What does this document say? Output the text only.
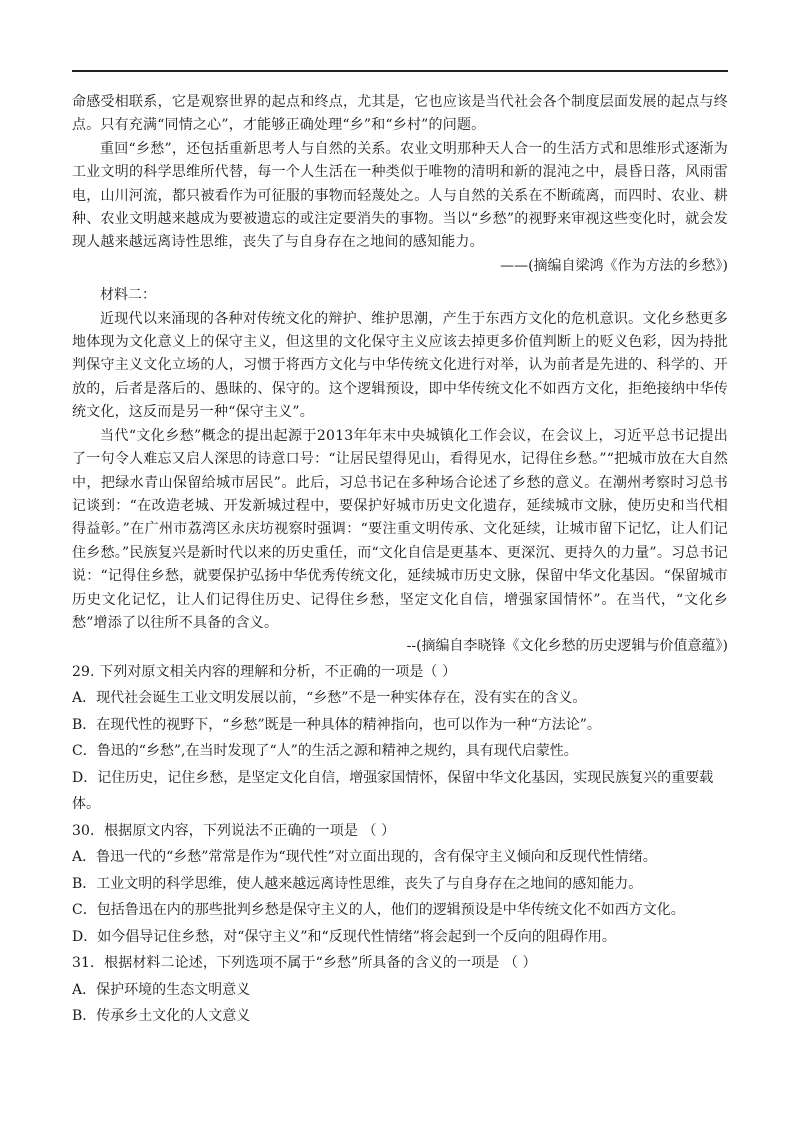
命感受相联系，它是观察世界的起点和终点，尤其是，它也应该是当代社会各个制度层面发展的起点与终点。只有充满“同情之心”，才能够正确处理“乡”和“乡村”的问题。

重回“乡愁”，还包括重新思考人与自然的关系。农业文明那种天人合一的生活方式和思维形式逐渐为工业文明的科学思维所代替，每一个人生活在一种类似于唯物的清明和新的混沌之中，晨昏日落，风雨雷电，山川河流，都只被看作为可征服的事物而轻蔑处之。人与自然的关系在不断疏离，而四时、农业、耕种、农业文明越来越成为要被遗忘的或注定要消失的事物。当以“乡愁”的视野来审视这些变化时，就会发现人越来越远离诗性思维，丧失了与自身存在之地间的感知能力。

——(摘编自梁鸿《作为方法的乡愁》)

材料二：

近现代以来涌现的各种对传统文化的辩护、维护思潮，产生于东西方文化的危机意识。文化乡愁更多地体现为文化意义上的保守主义，但这里的文化保守主义应该去掉更多价值判断上的贬义色彩，因为持批判保守主义文化立场的人，习惯于将西方文化与中华传统文化进行对举，认为前者是先进的、科学的、开放的，后者是落后的、愚昧的、保守的。这个逻辑预设，即中华传统文化不如西方文化，拒绝接纳中华传统文化，这反而是另一种“保守主义”。

当代“文化乡愁”概念的提出起源于2013年年末中央城镇化工作会议，在会议上，习近平总书记提出了一句令人难忘又启人深思的诗意口号：“让居民望得见山，看得见水，记得住乡愁。”“把城市放在大自然中，把绿水青山保留给城市居民”。此后，习总书记在多种场合论述了乡愁的意义。在潮州考察时习总书记谈到：“在改造老城、开发新城过程中，要保护好城市历史文化遗存，延续城市文脉，使历史和当代相得益彰。”在广州市荔湾区永庆坊视察时强调：“要注重文明传承、文化延续，让城市留下记忆，让人们记住乡愁。”民族复兴是新时代以来的历史重任，而“文化自信是更基本、更深沉、更持久的力量”。习总书记说：“记得住乡愁，就要保护弘扬中华优秀传统文化，延续城市历史文脉，保留中华文化基因。“保留城市历史文化记忆，让人们记得住历史、记得住乡愁，坚定文化自信，增强家国情怀”。在当代，“文化乡愁”增添了以往所不具备的含义。

--(摘编自李晓锋《文化乡愁的历史逻辑与价值意蕴》)

29. 下列对原文相关内容的理解和分析，不正确的一项是（ ）

A．现代社会诞生工业文明发展以前，“乡愁”不是一种实体存在，没有实在的含义。

B．在现代性的视野下，“乡愁”既是一种具体的精神指向，也可以作为一种“方法论”。

C．鲁迅的“乡愁”,在当时发现了“人”的生活之源和精神之规约，具有现代启蒙性。

D．记住历史，记住乡愁，是坚定文化自信，增强家国情怀，保留中华文化基因，实现民族复兴的重要载体。

30．根据原文内容，下列说法不正确的一项是 （ ）

A．鲁迅一代的“乡愁”常常是作为“现代性”对立面出现的，含有保守主义倾向和反现代性情绪。

B．工业文明的科学思维，使人越来越远离诗性思维，丧失了与自身存在之地间的感知能力。

C．包括鲁迅在内的那些批判乡愁是保守主义的人，他们的逻辑预设是中华传统文化不如西方文化。

D．如今倡导记住乡愁，对“保守主义”和“反现代性情绪”将会起到一个反向的阻碍作用。

31．根据材料二论述，下列选项不属于“乡愁”所具备的含义的一项是 （ ）

A．保护环境的生态文明意义

B．传承乡土文化的人文意义
